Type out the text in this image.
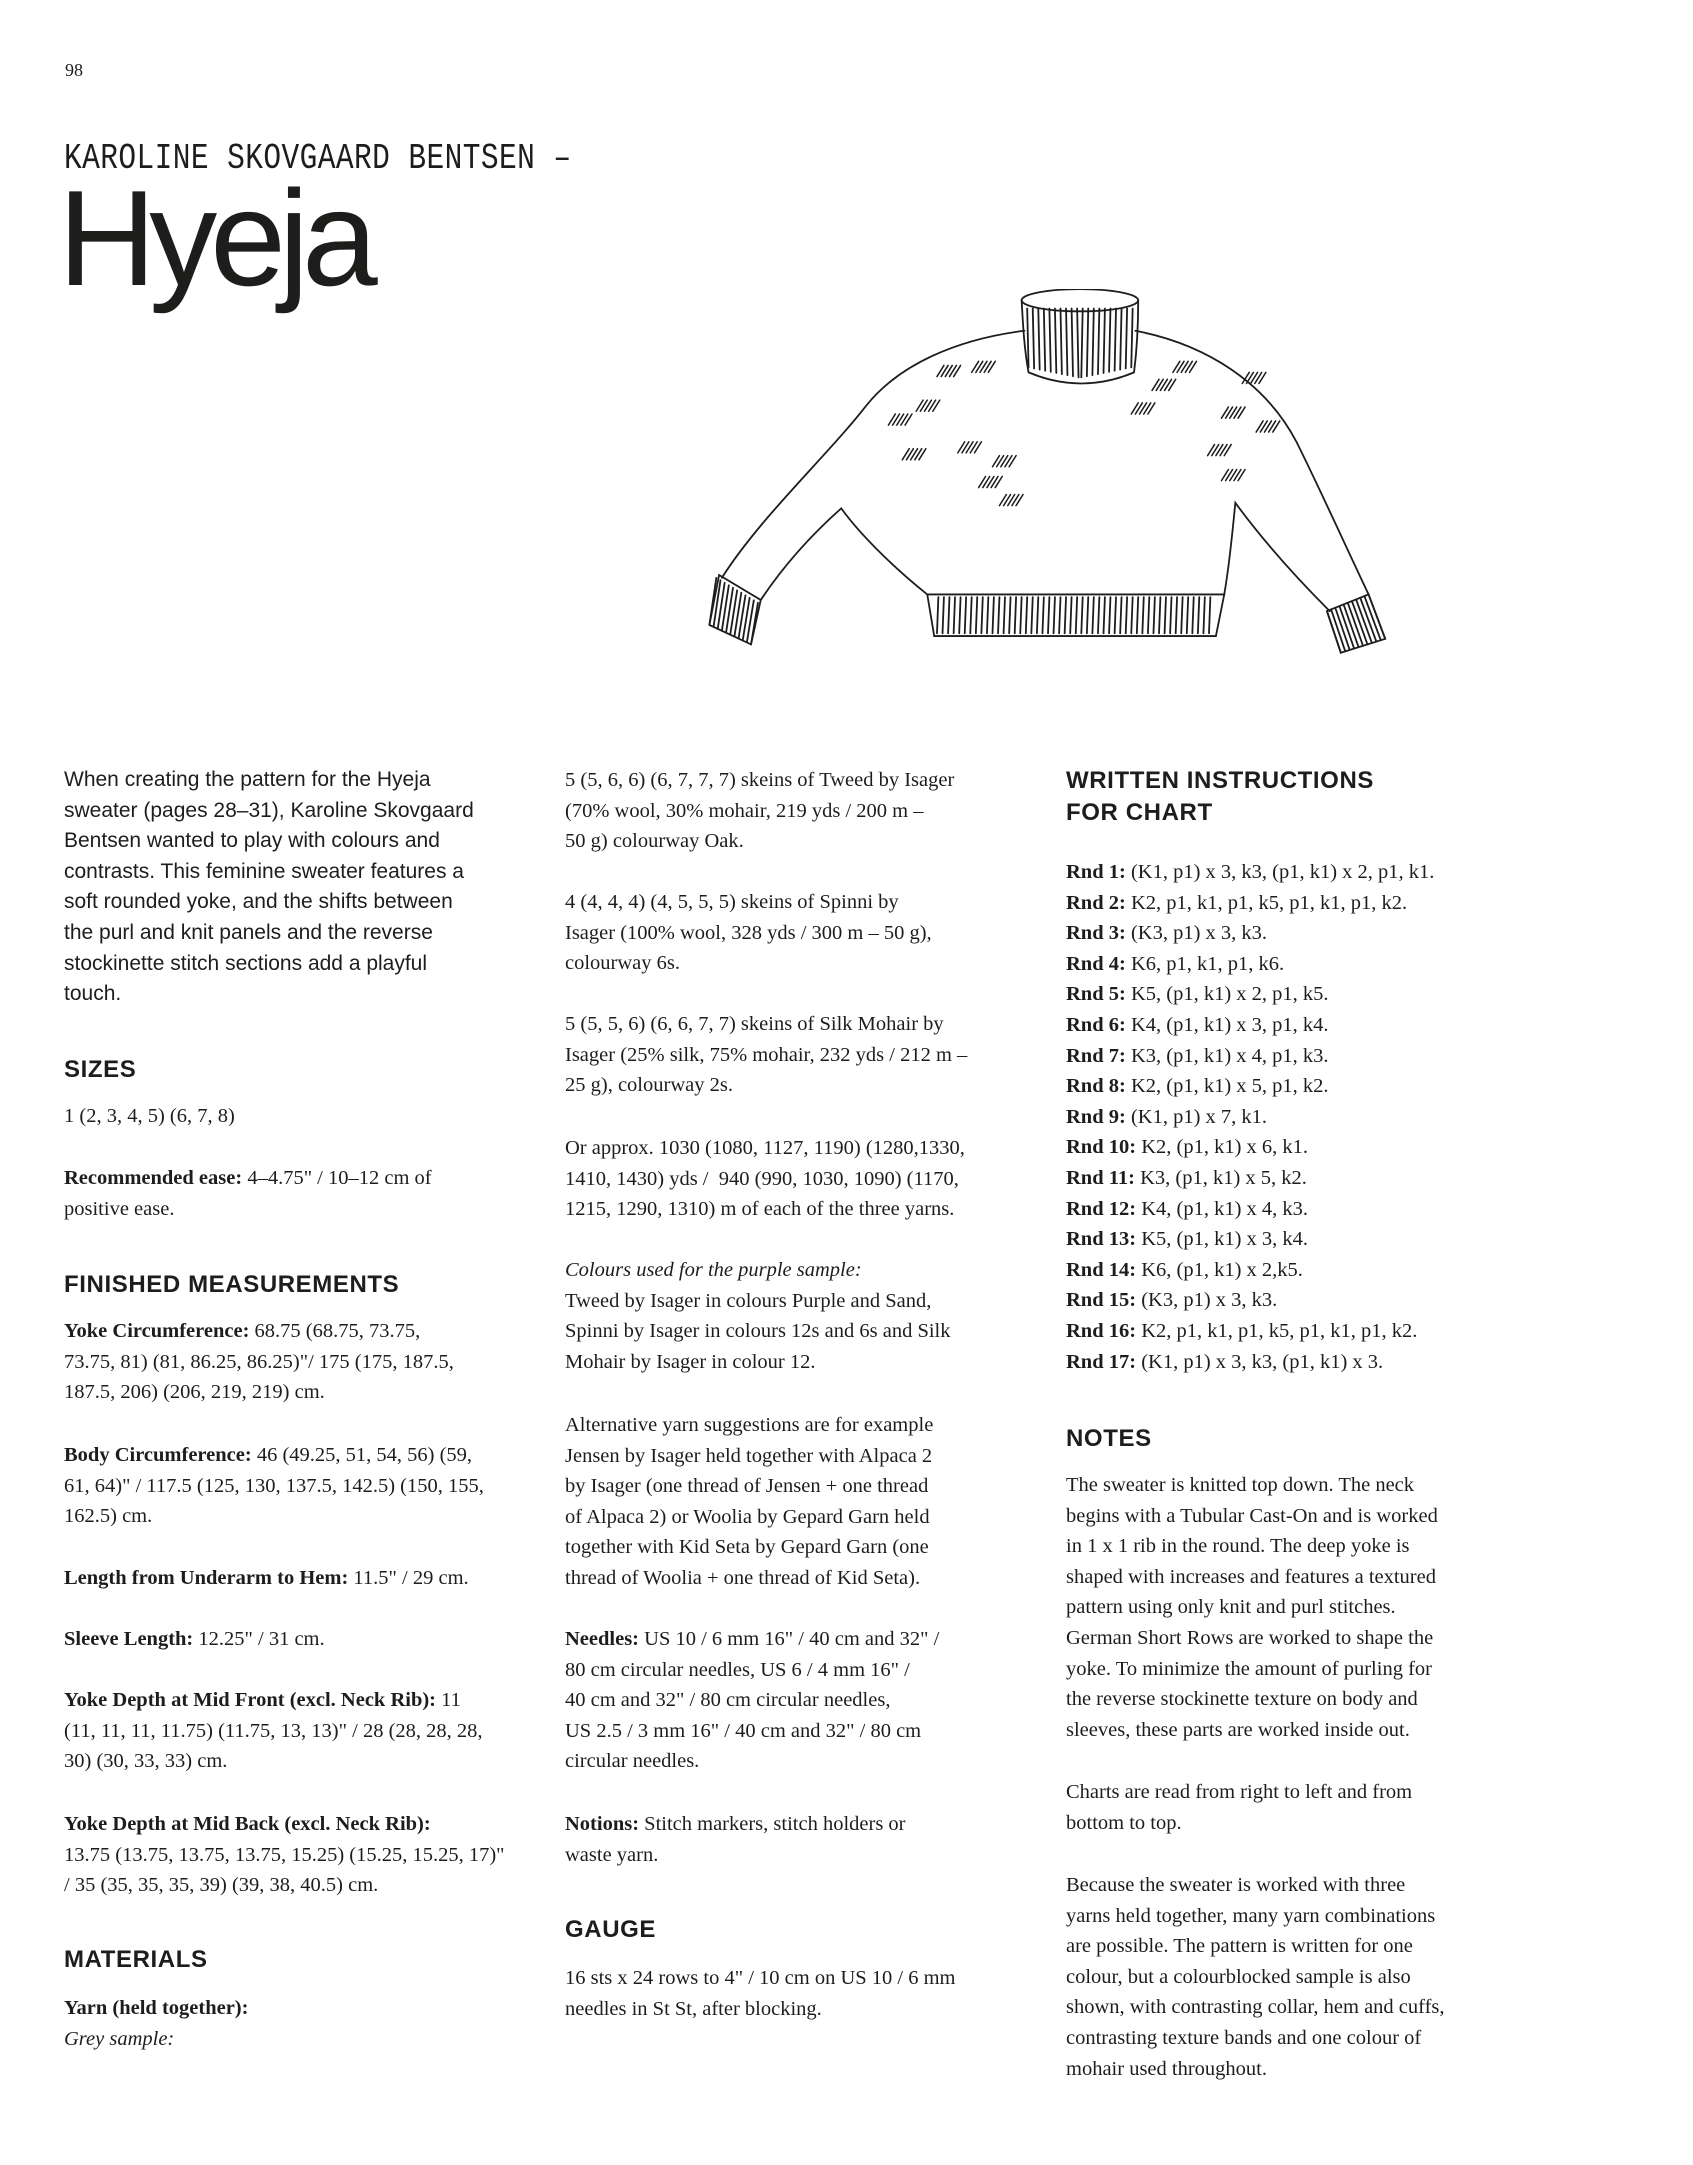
98
KAROLINE SKOVGAARD BENTSEN –
Hyeja
When creating the pattern for the Hyeja
sweater (pages 28–31), Karoline Skovgaard
Bentsen wanted to play with colours and
contrasts. This feminine sweater features a
soft rounded yoke, and the shifts between
the purl and knit panels and the reverse
stockinette stitch sections add a playful
touch.
SIZES
1 (2, 3, 4, 5) (6, 7, 8)
Recommended ease: 4–4.75" / 10–12 cm of
positive ease.
FINISHED MEASUREMENTS
Yoke Circumference: 68.75 (68.75, 73.75,
73.75, 81) (81, 86.25, 86.25)"/ 175 (175, 187.5,
187.5, 206) (206, 219, 219) cm.
Body Circumference: 46 (49.25, 51, 54, 56) (59,
61, 64)" / 117.5 (125, 130, 137.5, 142.5) (150, 155,
162.5) cm.
Length from Underarm to Hem: 11.5" / 29 cm.
Sleeve Length: 12.25" / 31 cm.
Yoke Depth at Mid Front (excl. Neck Rib): 11
(11, 11, 11, 11.75) (11.75, 13, 13)" / 28 (28, 28, 28,
30) (30, 33, 33) cm.
Yoke Depth at Mid Back (excl. Neck Rib):
13.75 (13.75, 13.75, 13.75, 15.25) (15.25, 15.25, 17)"
/ 35 (35, 35, 35, 39) (39, 38, 40.5) cm.
MATERIALS
Yarn (held together):
Grey sample:
5 (5, 6, 6) (6, 7, 7, 7) skeins of Tweed by Isager
(70% wool, 30% mohair, 219 yds / 200 m –
50 g) colourway Oak.
4 (4, 4, 4) (4, 5, 5, 5) skeins of Spinni by
Isager (100% wool, 328 yds / 300 m – 50 g),
colourway 6s.
5 (5, 5, 6) (6, 6, 7, 7) skeins of Silk Mohair by
Isager (25% silk, 75% mohair, 232 yds / 212 m –
25 g), colourway 2s.
Or approx. 1030 (1080, 1127, 1190) (1280,1330,
1410, 1430) yds /  940 (990, 1030, 1090) (1170,
1215, 1290, 1310) m of each of the three yarns.
Colours used for the purple sample:
Tweed by Isager in colours Purple and Sand,
Spinni by Isager in colours 12s and 6s and Silk
Mohair by Isager in colour 12.
Alternative yarn suggestions are for example
Jensen by Isager held together with Alpaca 2
by Isager (one thread of Jensen + one thread
of Alpaca 2) or Woolia by Gepard Garn held
together with Kid Seta by Gepard Garn (one
thread of Woolia + one thread of Kid Seta).
Needles: US 10 / 6 mm 16" / 40 cm and 32" /
80 cm circular needles, US 6 / 4 mm 16" /
40 cm and 32" / 80 cm circular needles,
US 2.5 / 3 mm 16" / 40 cm and 32" / 80 cm
circular needles.
Notions: Stitch markers, stitch holders or
waste yarn.
GAUGE
16 sts x 24 rows to 4" / 10 cm on US 10 / 6 mm
needles in St St, after blocking.
WRITTEN INSTRUCTIONS
FOR CHART
Rnd 1: (K1, p1) x 3, k3, (p1, k1) x 2, p1, k1.
Rnd 2: K2, p1, k1, p1, k5, p1, k1, p1, k2.
Rnd 3: (K3, p1) x 3, k3.
Rnd 4: K6, p1, k1, p1, k6.
Rnd 5: K5, (p1, k1) x 2, p1, k5.
Rnd 6: K4, (p1, k1) x 3, p1, k4.
Rnd 7: K3, (p1, k1) x 4, p1, k3.
Rnd 8: K2, (p1, k1) x 5, p1, k2.
Rnd 9: (K1, p1) x 7, k1.
Rnd 10: K2, (p1, k1) x 6, k1.
Rnd 11: K3, (p1, k1) x 5, k2.
Rnd 12: K4, (p1, k1) x 4, k3.
Rnd 13: K5, (p1, k1) x 3, k4.
Rnd 14: K6, (p1, k1) x 2,k5.
Rnd 15: (K3, p1) x 3, k3.
Rnd 16: K2, p1, k1, p1, k5, p1, k1, p1, k2.
Rnd 17: (K1, p1) x 3, k3, (p1, k1) x 3.
NOTES
The sweater is knitted top down. The neck
begins with a Tubular Cast-On and is worked
in 1 x 1 rib in the round. The deep yoke is
shaped with increases and features a textured
pattern using only knit and purl stitches.
German Short Rows are worked to shape the
yoke. To minimize the amount of purling for
the reverse stockinette texture on body and
sleeves, these parts are worked inside out.
Charts are read from right to left and from
bottom to top.
Because the sweater is worked with three
yarns held together, many yarn combinations
are possible. The pattern is written for one
colour, but a colourblocked sample is also
shown, with contrasting collar, hem and cuffs,
contrasting texture bands and one colour of
mohair used throughout.
